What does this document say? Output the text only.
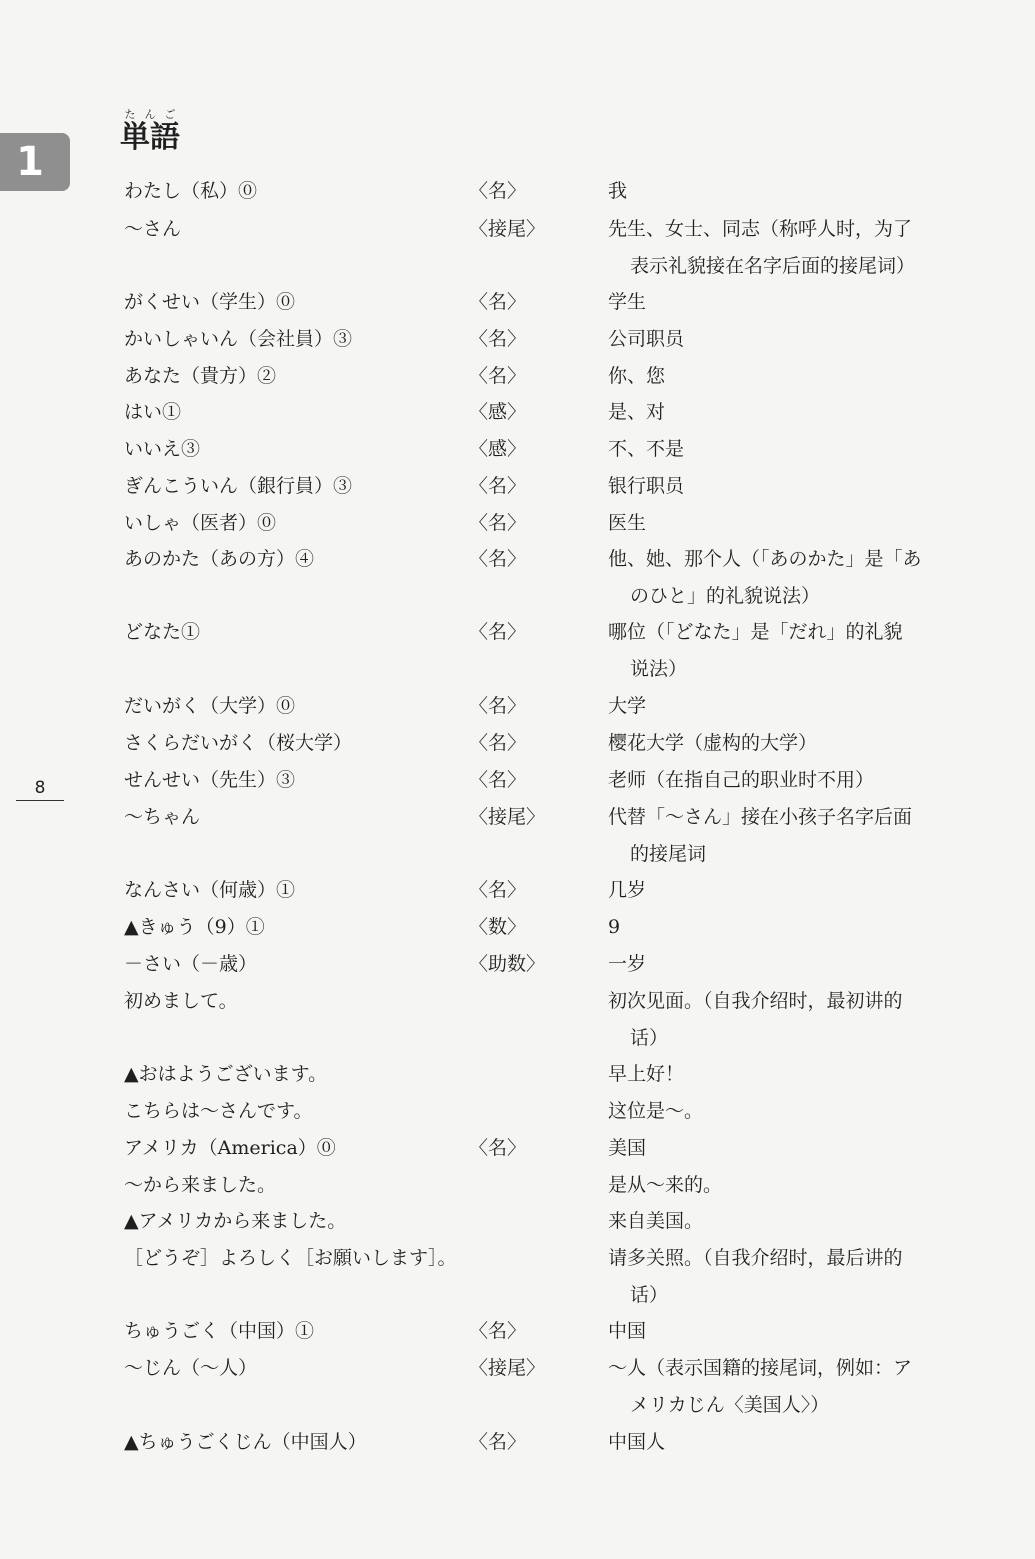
1
8
単語たんご
わたし（私）⓪	〈名〉	我
～さん	〈接尾〉	先生、女士、同志（称呼人时，为了
表示礼貌接在名字后面的接尾词）
がくせい（学生）⓪	〈名〉	学生
かいしゃいん（会社員）③	〈名〉	公司职员
あなた（貴方）②	〈名〉	你、您
はい①	〈感〉	是、对
いいえ③	〈感〉	不、不是
ぎんこういん（銀行員）③	〈名〉	银行职员
いしゃ（医者）⓪	〈名〉	医生
あのかた（あの方）④	〈名〉	他、她、那个人（「あのかた」是「あ
のひと」的礼貌说法）
どなた①	〈名〉	哪位（「どなた」是「だれ」的礼貌
说法）
だいがく（大学）⓪	〈名〉	大学
さくらだいがく（桜大学）	〈名〉	樱花大学（虚构的大学）
せんせい（先生）③	〈名〉	老师（在指自己的职业时不用）
～ちゃん	〈接尾〉	代替「～さん」接在小孩子名字后面
的接尾词
なんさい（何歳）①	〈名〉	几岁
▲きゅう（9）①	〈数〉	9
－さい（－歳）	〈助数〉	一岁
初めまして。	初次见面。（自我介绍时，最初讲的
话）
▲おはようございます。	早上好！
こちらは～さんです。	这位是～。
アメリカ（America）⓪	〈名〉	美国
～から来ました。	是从～来的。
▲アメリカから来ました。	来自美国。
［どうぞ］よろしく［お願いします］。	请多关照。（自我介绍时，最后讲的
话）
ちゅうごく（中国）①	〈名〉	中国
～じん（～人）	〈接尾〉	～人（表示国籍的接尾词，例如：ア
メリカじん〈美国人〉）
▲ちゅうごくじん（中国人）	〈名〉	中国人
